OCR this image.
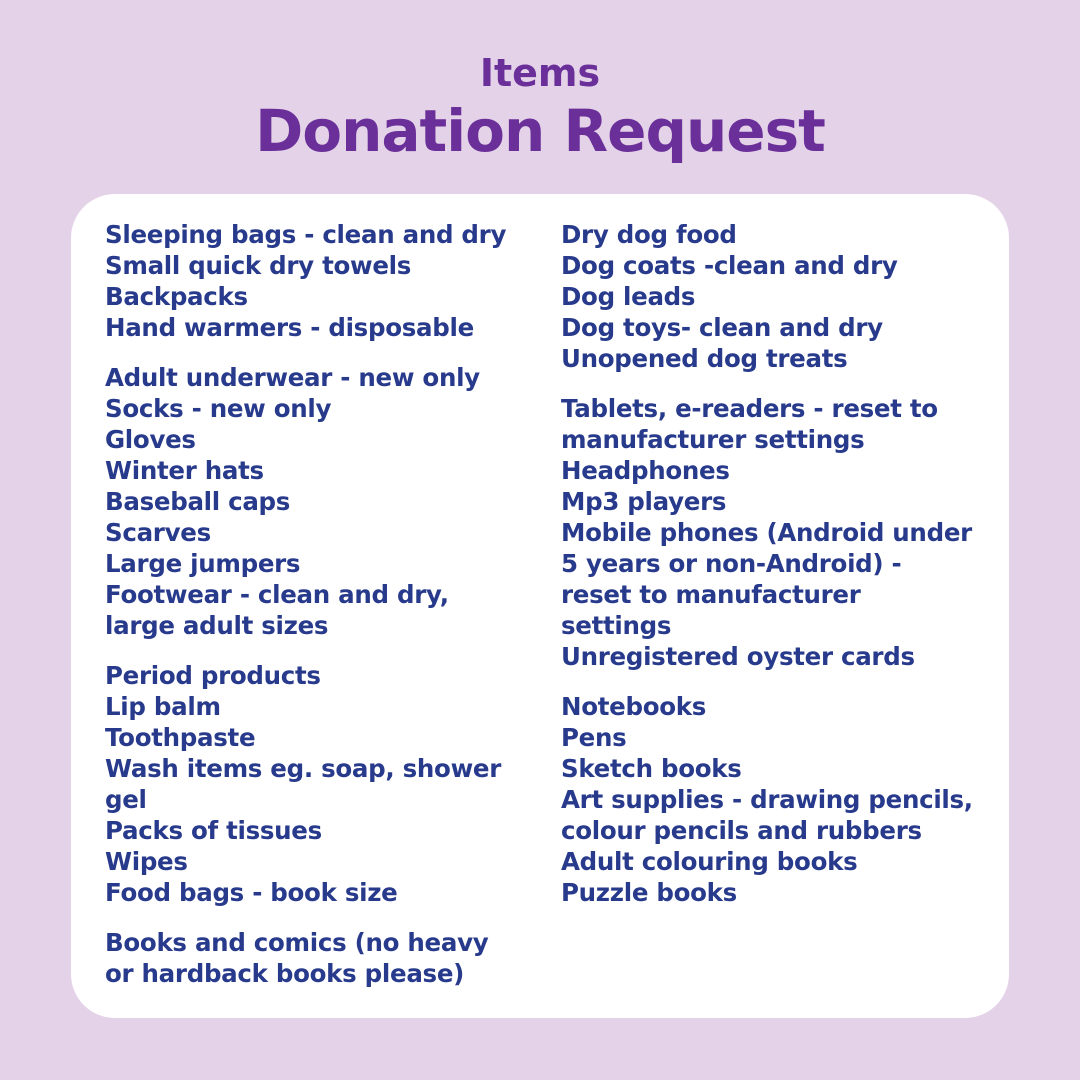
Items
Donation Request
Sleeping bags - clean and dry
Small quick dry towels
Backpacks
Hand warmers - disposable
Adult underwear - new only
Socks - new only
Gloves
Winter hats
Baseball caps
Scarves
Large jumpers
Footwear - clean and dry,
large adult sizes
Period products
Lip balm
Toothpaste
Wash items eg. soap, shower
gel
Packs of tissues
Wipes
Food bags - book size
Books and comics (no heavy
or hardback books please)
Dry dog food
Dog coats -clean and dry
Dog leads
Dog toys- clean and dry
Unopened dog treats
Tablets, e-readers - reset to
manufacturer settings
Headphones
Mp3 players
Mobile phones (Android under
5 years or non-Android) -
reset to manufacturer
settings
Unregistered oyster cards
Notebooks
Pens
Sketch books
Art supplies - drawing pencils,
colour pencils and rubbers
Adult colouring books
Puzzle books
